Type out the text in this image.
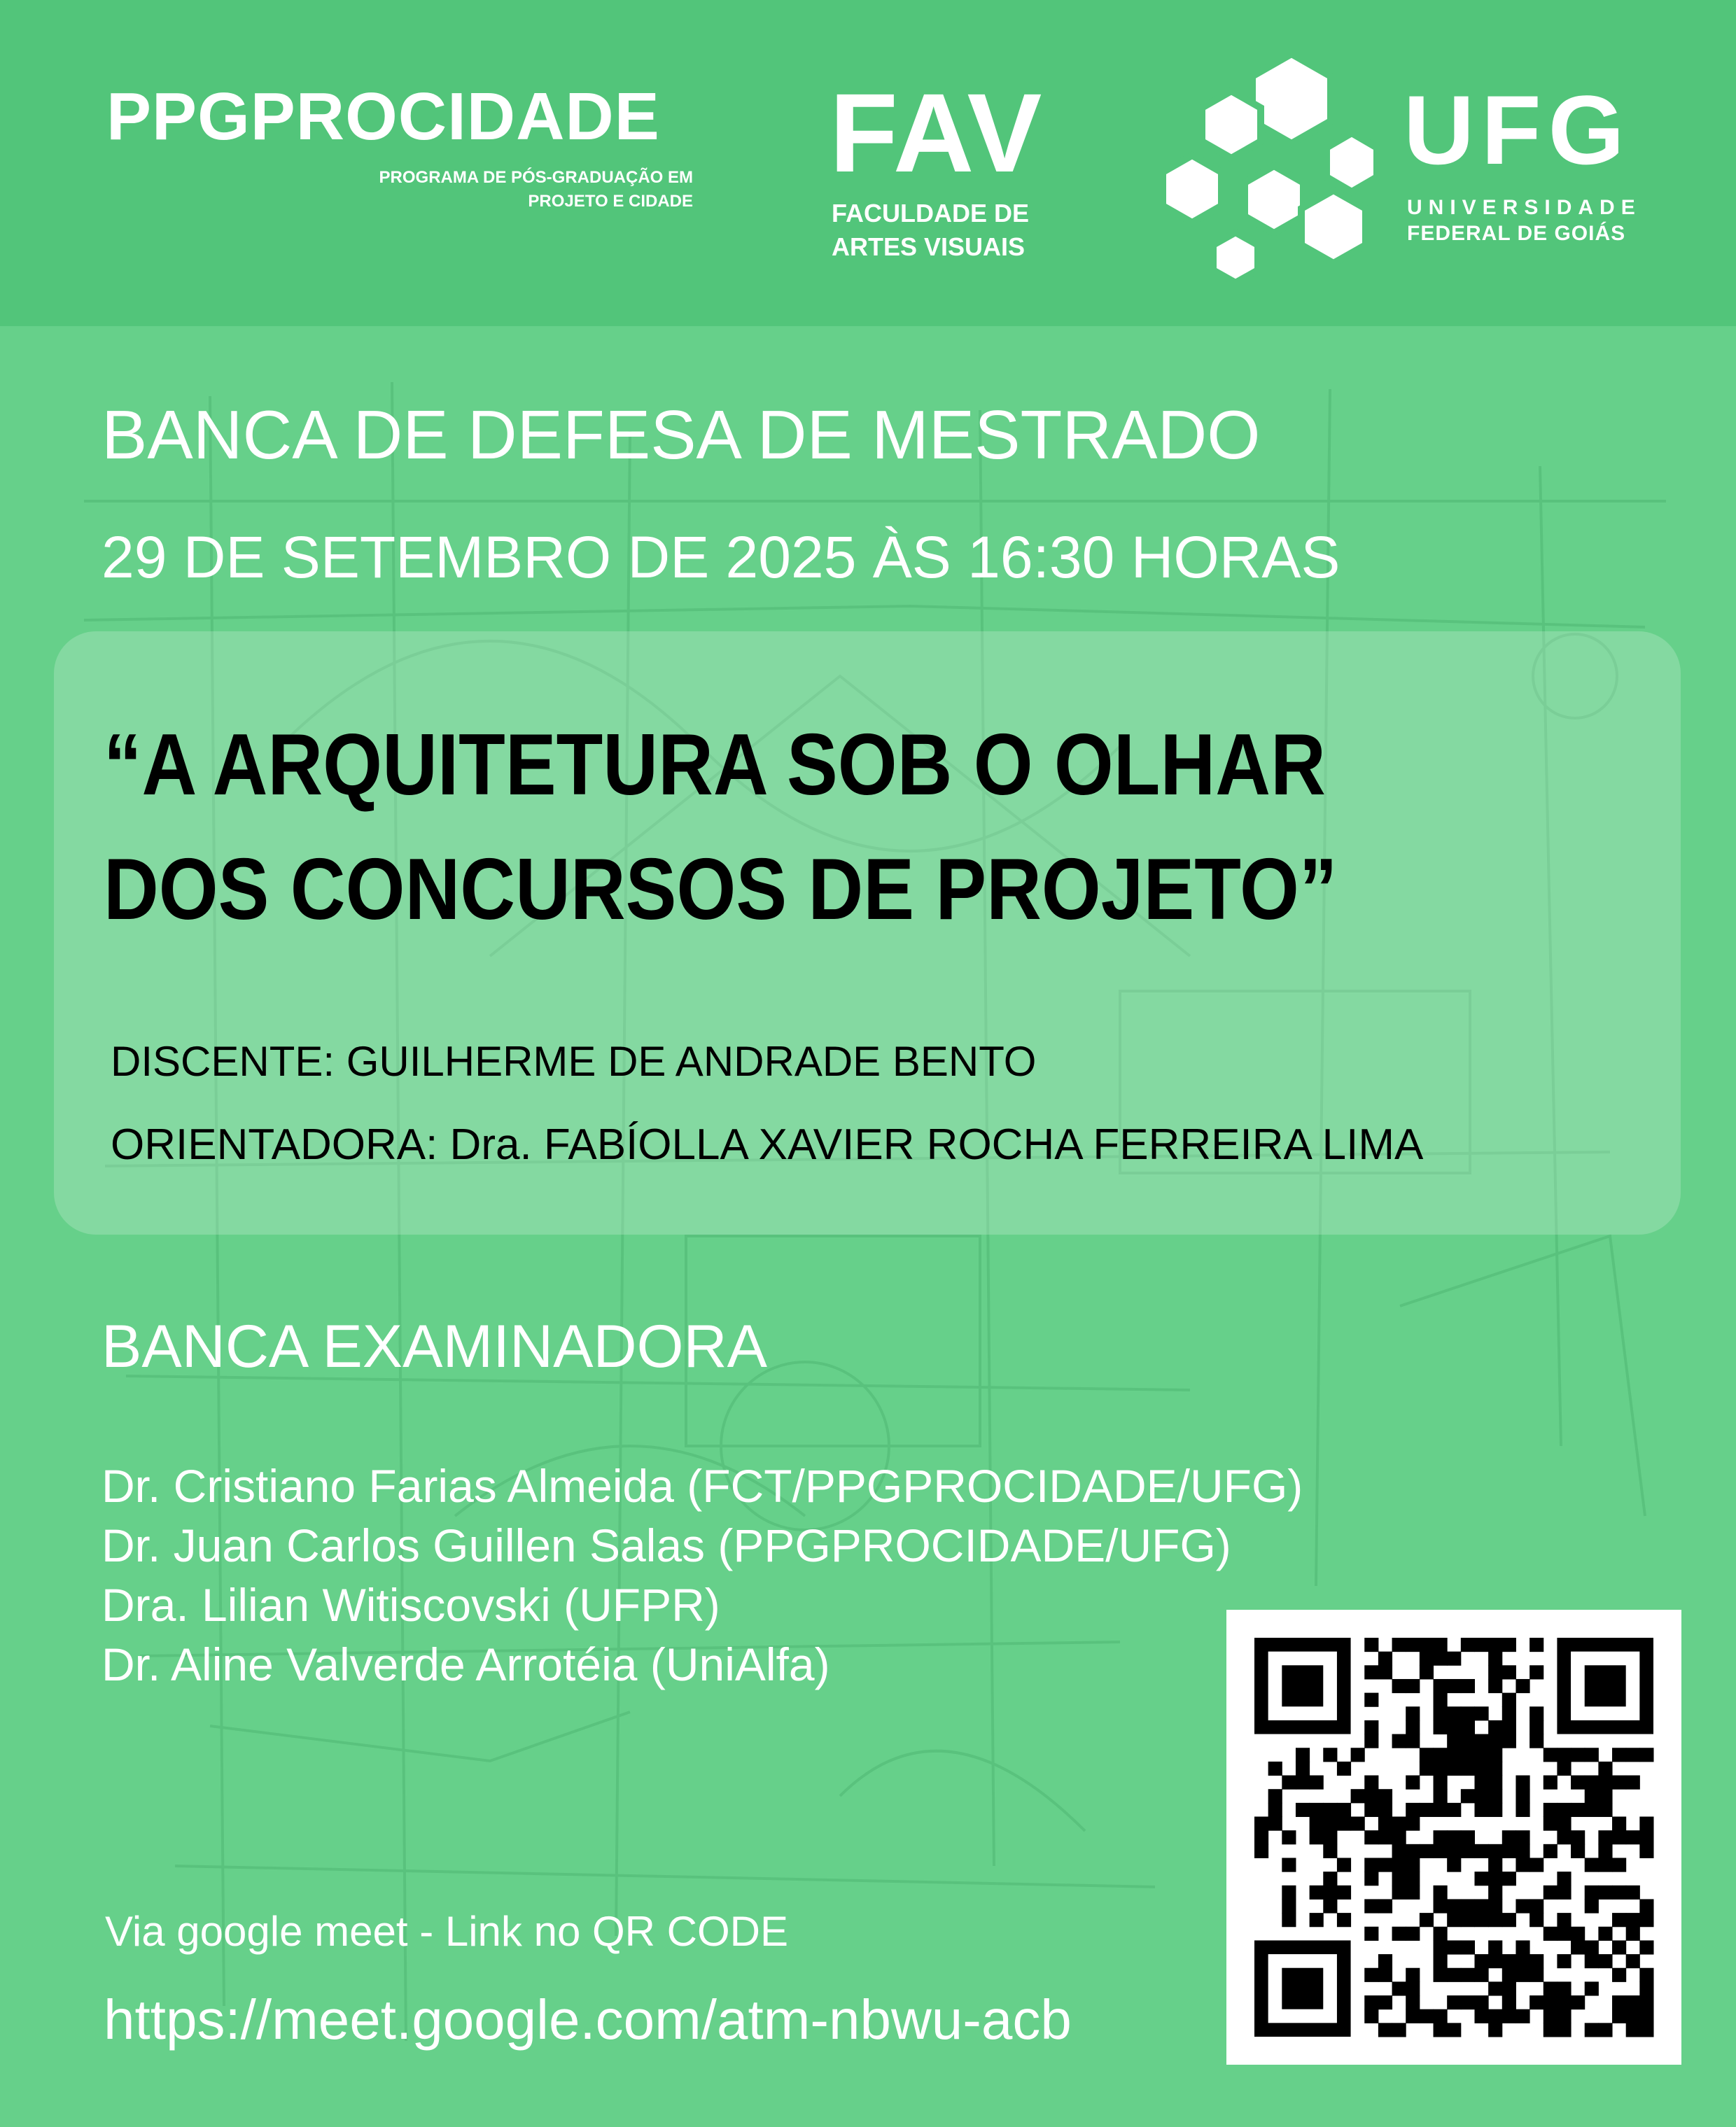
PPGPROCIDADE
PROGRAMA DE PÓS-GRADUAÇÃO EM
PROJETO E CIDADE
FAV
FACULDADE DE
ARTES VISUAIS
UFG
UNIVERSIDADE
FEDERAL DE GOIÁS
BANCA DE DEFESA DE MESTRADO
29 DE SETEMBRO DE 2025 ÀS 16:30 HORAS
“A ARQUITETURA SOB O OLHAR
DOS CONCURSOS DE PROJETO”
DISCENTE: GUILHERME DE ANDRADE BENTO
ORIENTADORA: Dra. FABÍOLLA XAVIER ROCHA FERREIRA LIMA
BANCA EXAMINADORA
Dr. Cristiano Farias Almeida (FCT/PPGPROCIDADE/UFG)
Dr. Juan Carlos Guillen Salas (PPGPROCIDADE/UFG)
Dra. Lilian Witiscovski (UFPR)
Dr. Aline Valverde Arrotéia (UniAlfa)
Via google meet - Link no QR CODE
https://meet.google.com/atm-nbwu-acb
